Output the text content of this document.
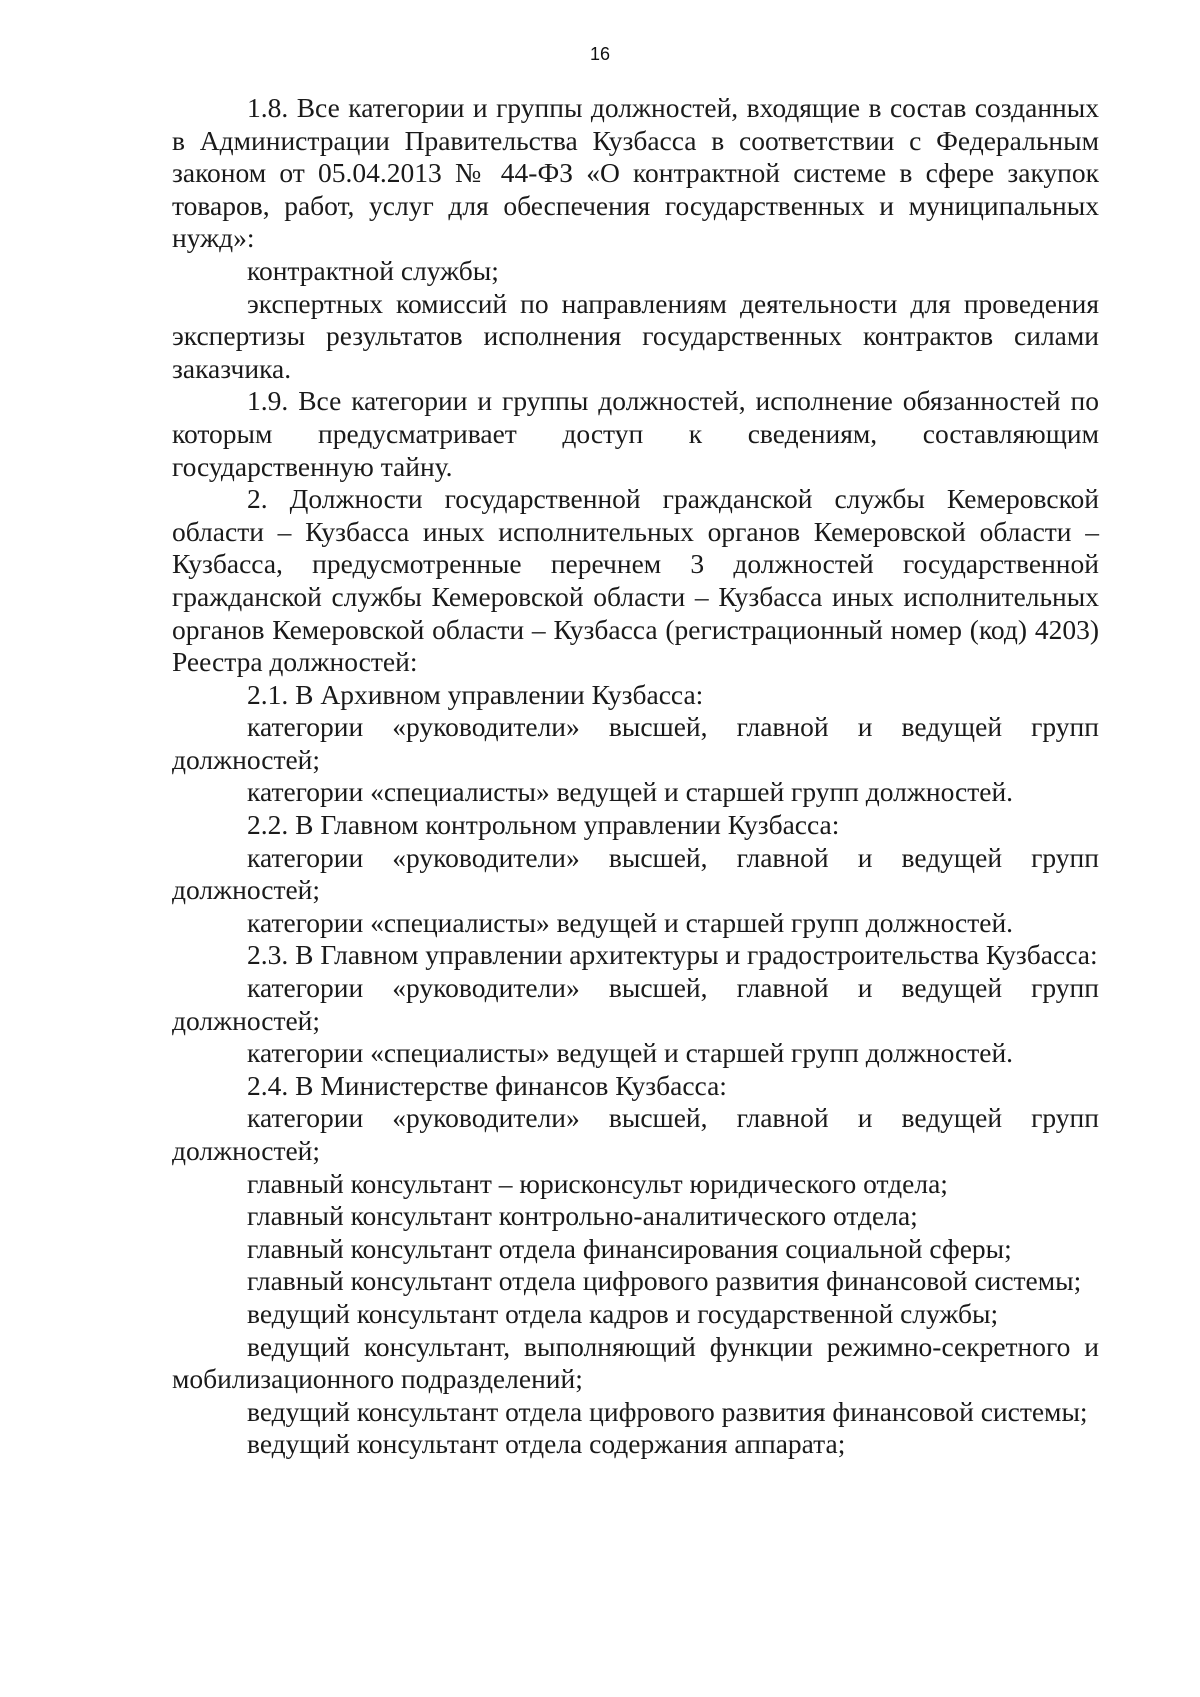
16

1.8. Все категории и группы должностей, входящие в состав созданных в Администрации Правительства Кузбасса в соответствии с Федеральным законом от 05.04.2013 № 44-ФЗ «О контрактной системе в сфере закупок товаров, работ, услуг для обеспечения государственных и муниципальных нужд»:

контрактной службы;

экспертных комиссий по направлениям деятельности для проведения экспертизы результатов исполнения государственных контрактов силами заказчика.

1.9. Все категории и группы должностей, исполнение обязанностей по которым предусматривает доступ к сведениям, составляющим государственную тайну.

2. Должности государственной гражданской службы Кемеровской области – Кузбасса иных исполнительных органов Кемеровской области – Кузбасса, предусмотренные перечнем 3 должностей государственной гражданской службы Кемеровской области – Кузбасса иных исполнительных органов Кемеровской области – Кузбасса (регистрационный номер (код) 4203) Реестра должностей:

2.1. В Архивном управлении Кузбасса:

категории «руководители» высшей, главной и ведущей групп должностей;

категории «специалисты» ведущей и старшей групп должностей.

2.2. В Главном контрольном управлении Кузбасса:

категории «руководители» высшей, главной и ведущей групп должностей;

категории «специалисты» ведущей и старшей групп должностей.

2.3. В Главном управлении архитектуры и градостроительства Кузбасса:

категории «руководители» высшей, главной и ведущей групп должностей;

категории «специалисты» ведущей и старшей групп должностей.

2.4. В Министерстве финансов Кузбасса:

категории «руководители» высшей, главной и ведущей групп должностей;

главный консультант – юрисконсульт юридического отдела;

главный консультант контрольно-аналитического отдела;

главный консультант отдела финансирования социальной сферы;

главный консультант отдела цифрового развития финансовой системы;

ведущий консультант отдела кадров и государственной службы;

ведущий консультант, выполняющий функции режимно-секретного и мобилизационного подразделений;

ведущий консультант отдела цифрового развития финансовой системы;

ведущий консультант отдела содержания аппарата;
